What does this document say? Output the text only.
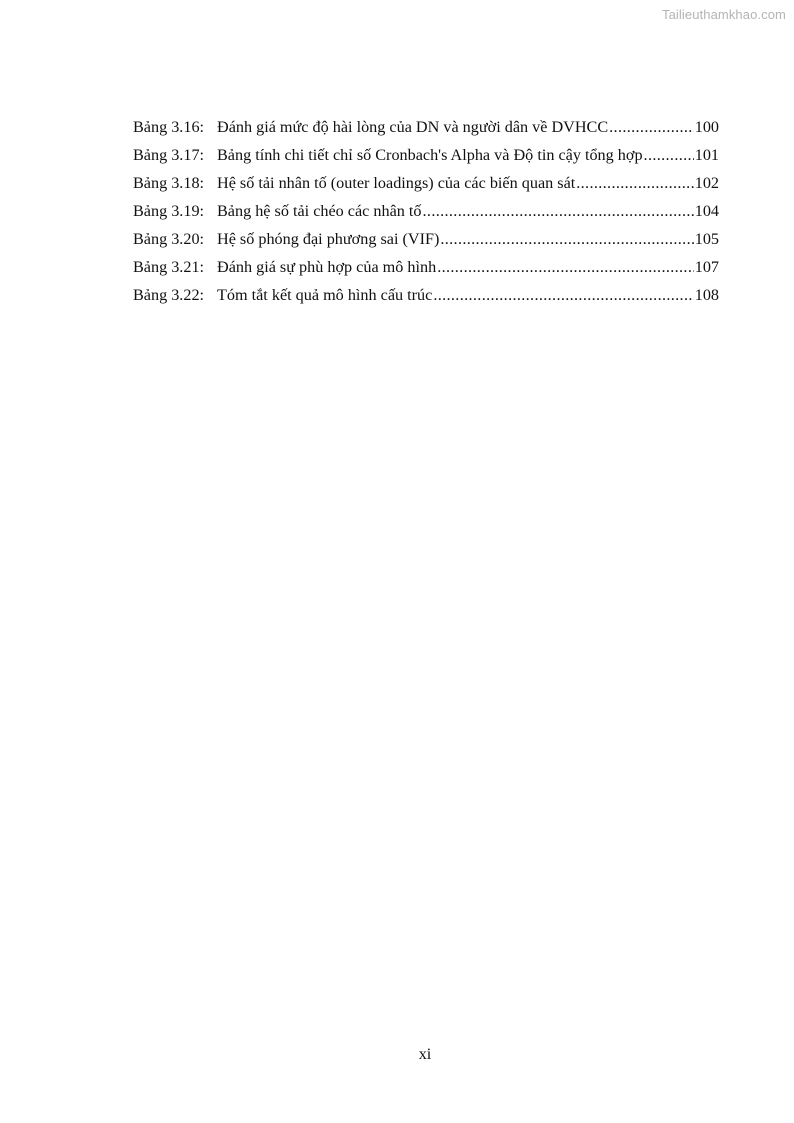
Tailieuthamkhao.com
Bảng 3.16: Đánh giá mức độ hài lòng của DN và người dân về DVHCC .....	100
Bảng 3.17: Bảng tính chi tiết chỉ số Cronbach's Alpha và Độ tin cậy tổng hợp .....	101
Bảng 3.18: Hệ số tải nhân tố (outer loadings) của các biến quan sát .....	102
Bảng 3.19: Bảng hệ số tải chéo các nhân tố .....	104
Bảng 3.20: Hệ số phóng đại phương sai (VIF) .....	105
Bảng 3.21: Đánh giá sự phù hợp của mô hình .....	107
Bảng 3.22: Tóm tắt kết quả mô hình cấu trúc .....	108
xi
